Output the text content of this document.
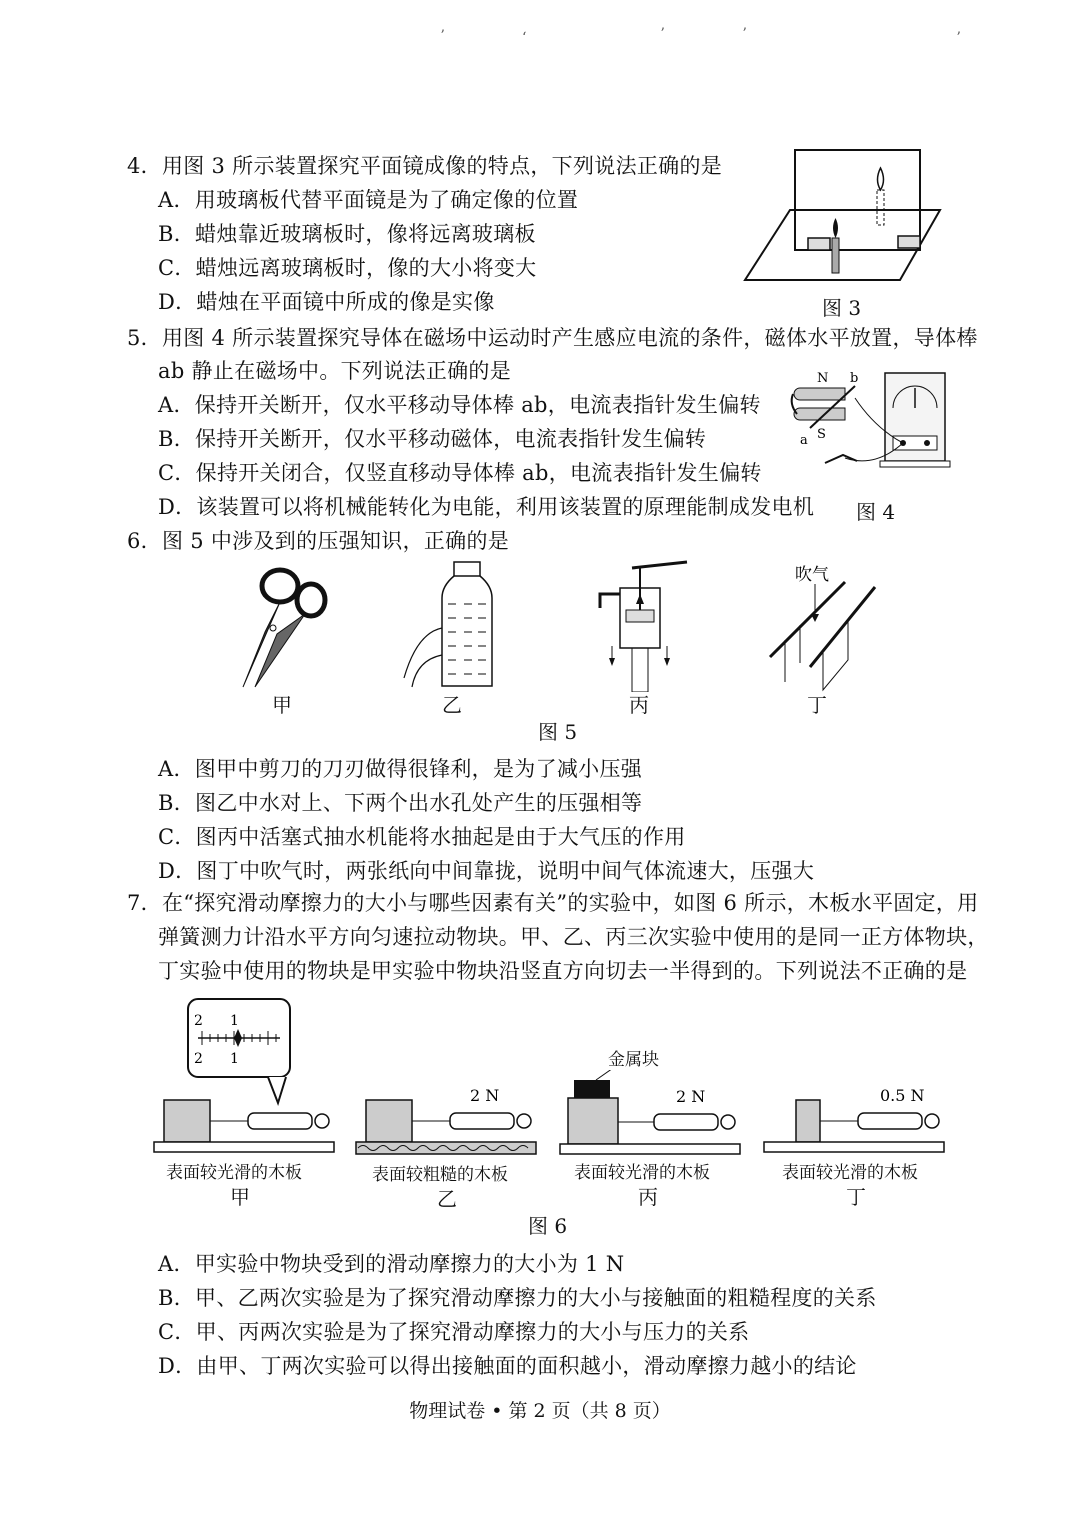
ʼ	ʻ	ʼ	ʼ	ʼ
4．用图 3 所示装置探究平面镜成像的特点，下列说法正确的是
A．用玻璃板代替平面镜是为了确定像的位置
B．蜡烛靠近玻璃板时，像将远离玻璃板
C．蜡烛远离玻璃板时，像的大小将变大
D．蜡烛在平面镜中所成的像是实像	图 3
5．用图 4 所示装置探究导体在磁场中运动时产生感应电流的条件，磁体水平放置，导体棒
ab 静止在磁场中。下列说法正确的是
A．保持开关断开，仅水平移动导体棒 ab，电流表指针发生偏转
B．保持开关断开，仅水平移动磁体，电流表指针发生偏转
C．保持开关闭合，仅竖直移动导体棒 ab，电流表指针发生偏转
D．该装置可以将机械能转化为电能，利用该装置的原理能制成发电机
N
S
b
a
图 4
6．图 5 中涉及到的压强知识，正确的是
吹气
甲	乙	丙	丁
图 5
A．图甲中剪刀的刀刃做得很锋利，是为了减小压强
B．图乙中水对上、下两个出水孔处产生的压强相等
C．图丙中活塞式抽水机能将水抽起是由于大气压的作用
D．图丁中吹气时，两张纸向中间靠拢，说明中间气体流速大，压强大
7．在“探究滑动摩擦力的大小与哪些因素有关”的实验中，如图 6 所示，木板水平固定，用
弹簧测力计沿水平方向匀速拉动物块。甲、乙、丙三次实验中使用的是同一正方体物块，
丁实验中使用的物块是甲实验中物块沿竖直方向切去一半得到的。下列说法不正确的是
2 1
1
2
2 N
金属块
2 N	0.5 N
表面较光滑的木板
甲
表面较粗糙的木板
乙
表面较光滑的木板
丙
表面较光滑的木板
丁
图 6
A．甲实验中物块受到的滑动摩擦力的大小为 1 N
B．甲、乙两次实验是为了探究滑动摩擦力的大小与接触面的粗糙程度的关系
C．甲、丙两次实验是为了探究滑动摩擦力的大小与压力的关系
D．由甲、丁两次实验可以得出接触面的面积越小，滑动摩擦力越小的结论
物理试卷 • 第 2 页（共 8 页）
